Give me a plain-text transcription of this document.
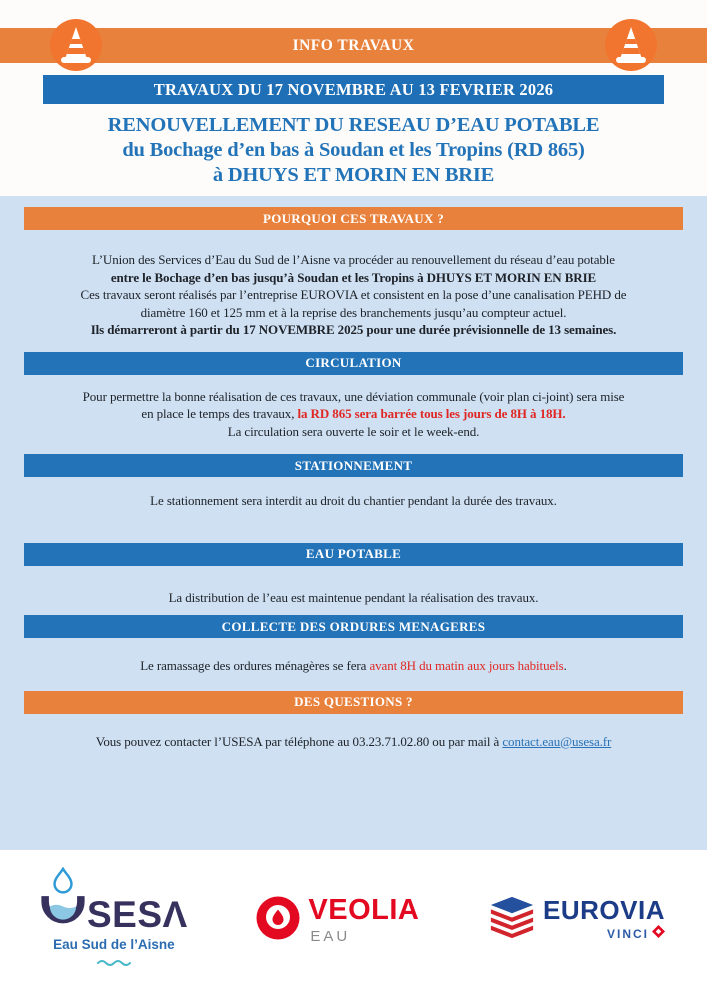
INFO TRAVAUX
TRAVAUX DU 17 NOVEMBRE AU 13 FEVRIER 2026
RENOUVELLEMENT DU RESEAU D’EAU POTABLE
du Bochage d’en bas à Soudan et les Tropins (RD 865)
à DHUYS ET MORIN EN BRIE
POURQUOI CES TRAVAUX ?
L’Union des Services d’Eau du Sud de l’Aisne va procéder au renouvellement du réseau d’eau potable
entre le Bochage d’en bas jusqu’à Soudan et les Tropins à DHUYS ET MORIN EN BRIE
Ces travaux seront réalisés par l’entreprise EUROVIA et consistent en la pose d’une canalisation PEHD de
diamètre 160 et 125 mm et à la reprise des branchements jusqu’au compteur actuel.
Ils démarreront à partir du 17 NOVEMBRE 2025 pour une durée prévisionnelle de 13 semaines.
CIRCULATION
Pour permettre la bonne réalisation de ces travaux, une déviation communale (voir plan ci-joint) sera mise
en place le temps des travaux, la RD 865 sera barrée tous les jours de 8H à 18H.
La circulation sera ouverte le soir et le week-end.
STATIONNEMENT
Le stationnement sera interdit au droit du chantier pendant la durée des travaux.
EAU POTABLE
La distribution de l’eau est maintenue pendant la réalisation des travaux.
COLLECTE DES ORDURES MENAGERES
Le ramassage des ordures ménagères se fera avant 8H du matin aux jours habituels.
DES QUESTIONS ?
Vous pouvez contacter l’USESA par téléphone au 03.23.71.02.80 ou par mail à contact.eau@usesa.fr
SESΛ
Eau Sud de l’Aisne
VEOLIA
EAU
EUROVIA
VINCI
